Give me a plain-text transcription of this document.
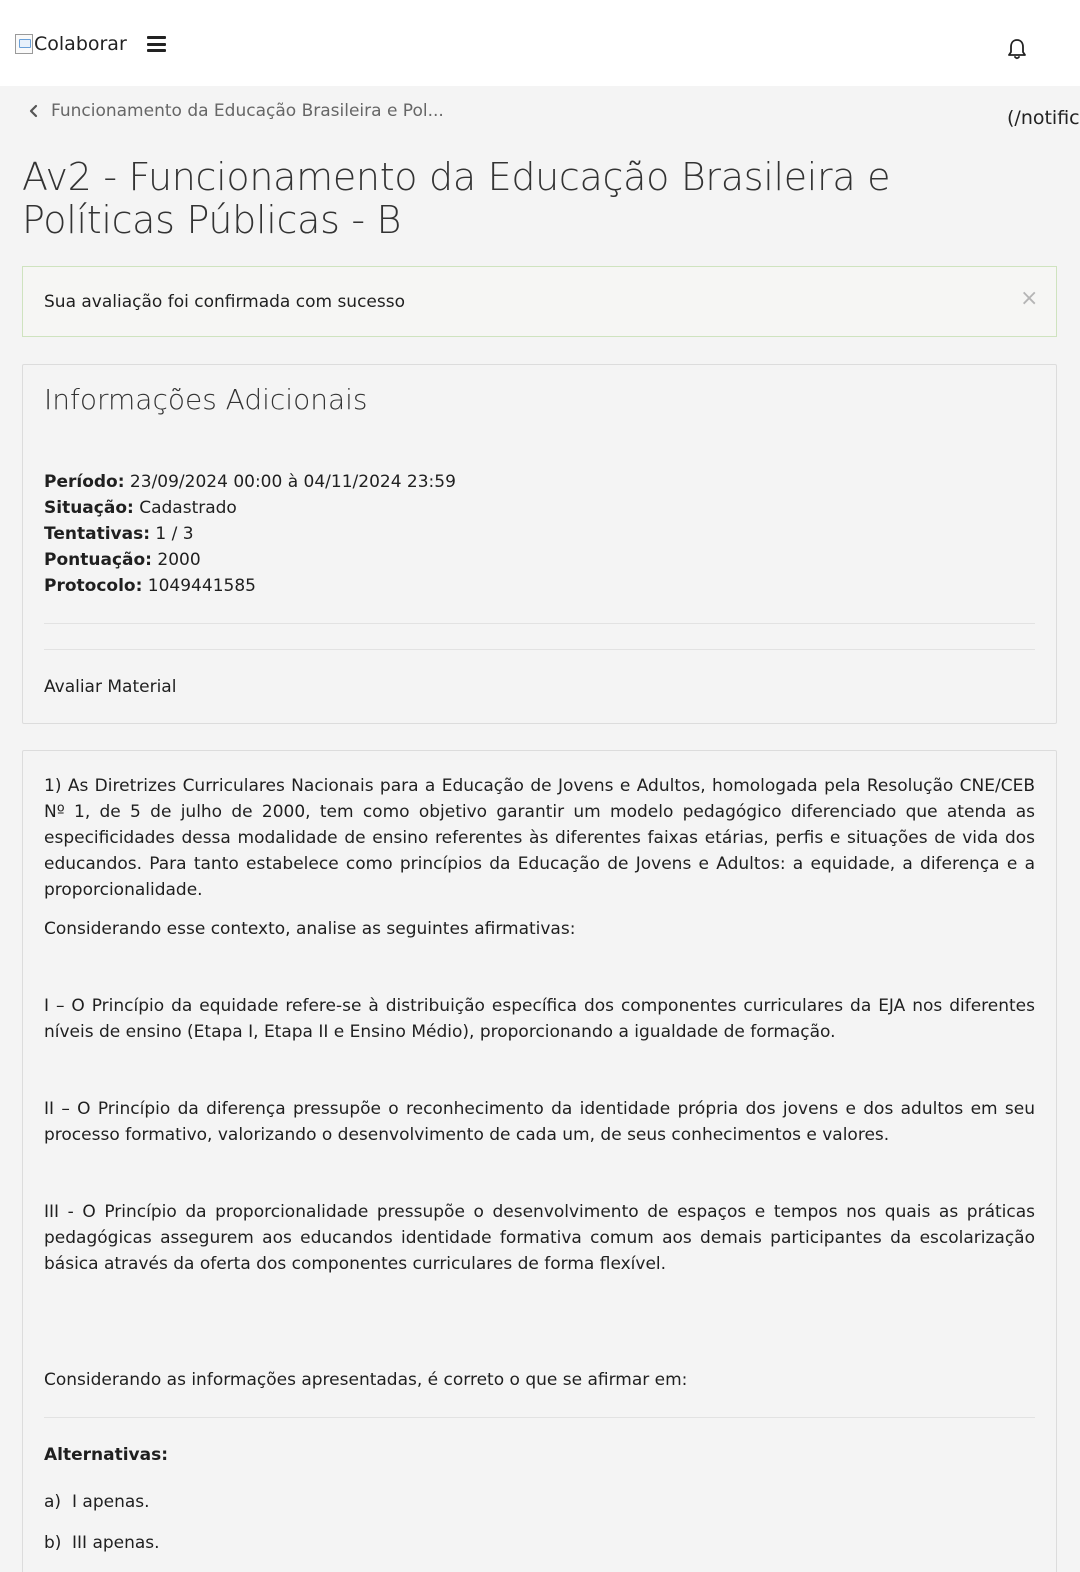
Colaborar
(/notific
Funcionamento da Educação Brasileira e Pol...
Av2 - Funcionamento da Educação Brasileira e Políticas Públicas - B
Sua avaliação foi confirmada com sucesso	×
Informações Adicionais
Período: 23/09/2024 00:00 à 04/11/2024 23:59
Situação: Cadastrado
Tentativas: 1 / 3
Pontuação: 2000
Protocolo: 1049441585
Avaliar Material

1) As Diretrizes Curriculares Nacionais para a Educação de Jovens e Adultos, homologada pela Resolução CNE/CEB Nº 1, de 5 de julho de 2000, tem como objetivo garantir um modelo pedagógico diferenciado que atenda as especificidades dessa modalidade de ensino referentes às diferentes faixas etárias, perfis e situações de vida dos educandos. Para tanto estabelece como princípios da Educação de Jovens e Adultos: a equidade, a diferença e a proporcionalidade.

Considerando esse contexto, analise as seguintes afirmativas:

I – O Princípio da equidade refere-se à distribuição específica dos componentes curriculares da EJA nos diferentes níveis de ensino (Etapa I, Etapa II e Ensino Médio), proporcionando a igualdade de formação.

II – O Princípio da diferença pressupõe o reconhecimento da identidade própria dos jovens e dos adultos em seu processo formativo, valorizando o desenvolvimento de cada um, de seus conhecimentos e valores.

III - O Princípio da proporcionalidade pressupõe o desenvolvimento de espaços e tempos nos quais as práticas pedagógicas assegurem aos educandos identidade formativa comum aos demais participantes da escolarização básica através da oferta dos componentes curriculares de forma flexível.

Considerando as informações apresentadas, é correto o que se afirmar em:

Alternativas:
a) I apenas.
b) III apenas.
